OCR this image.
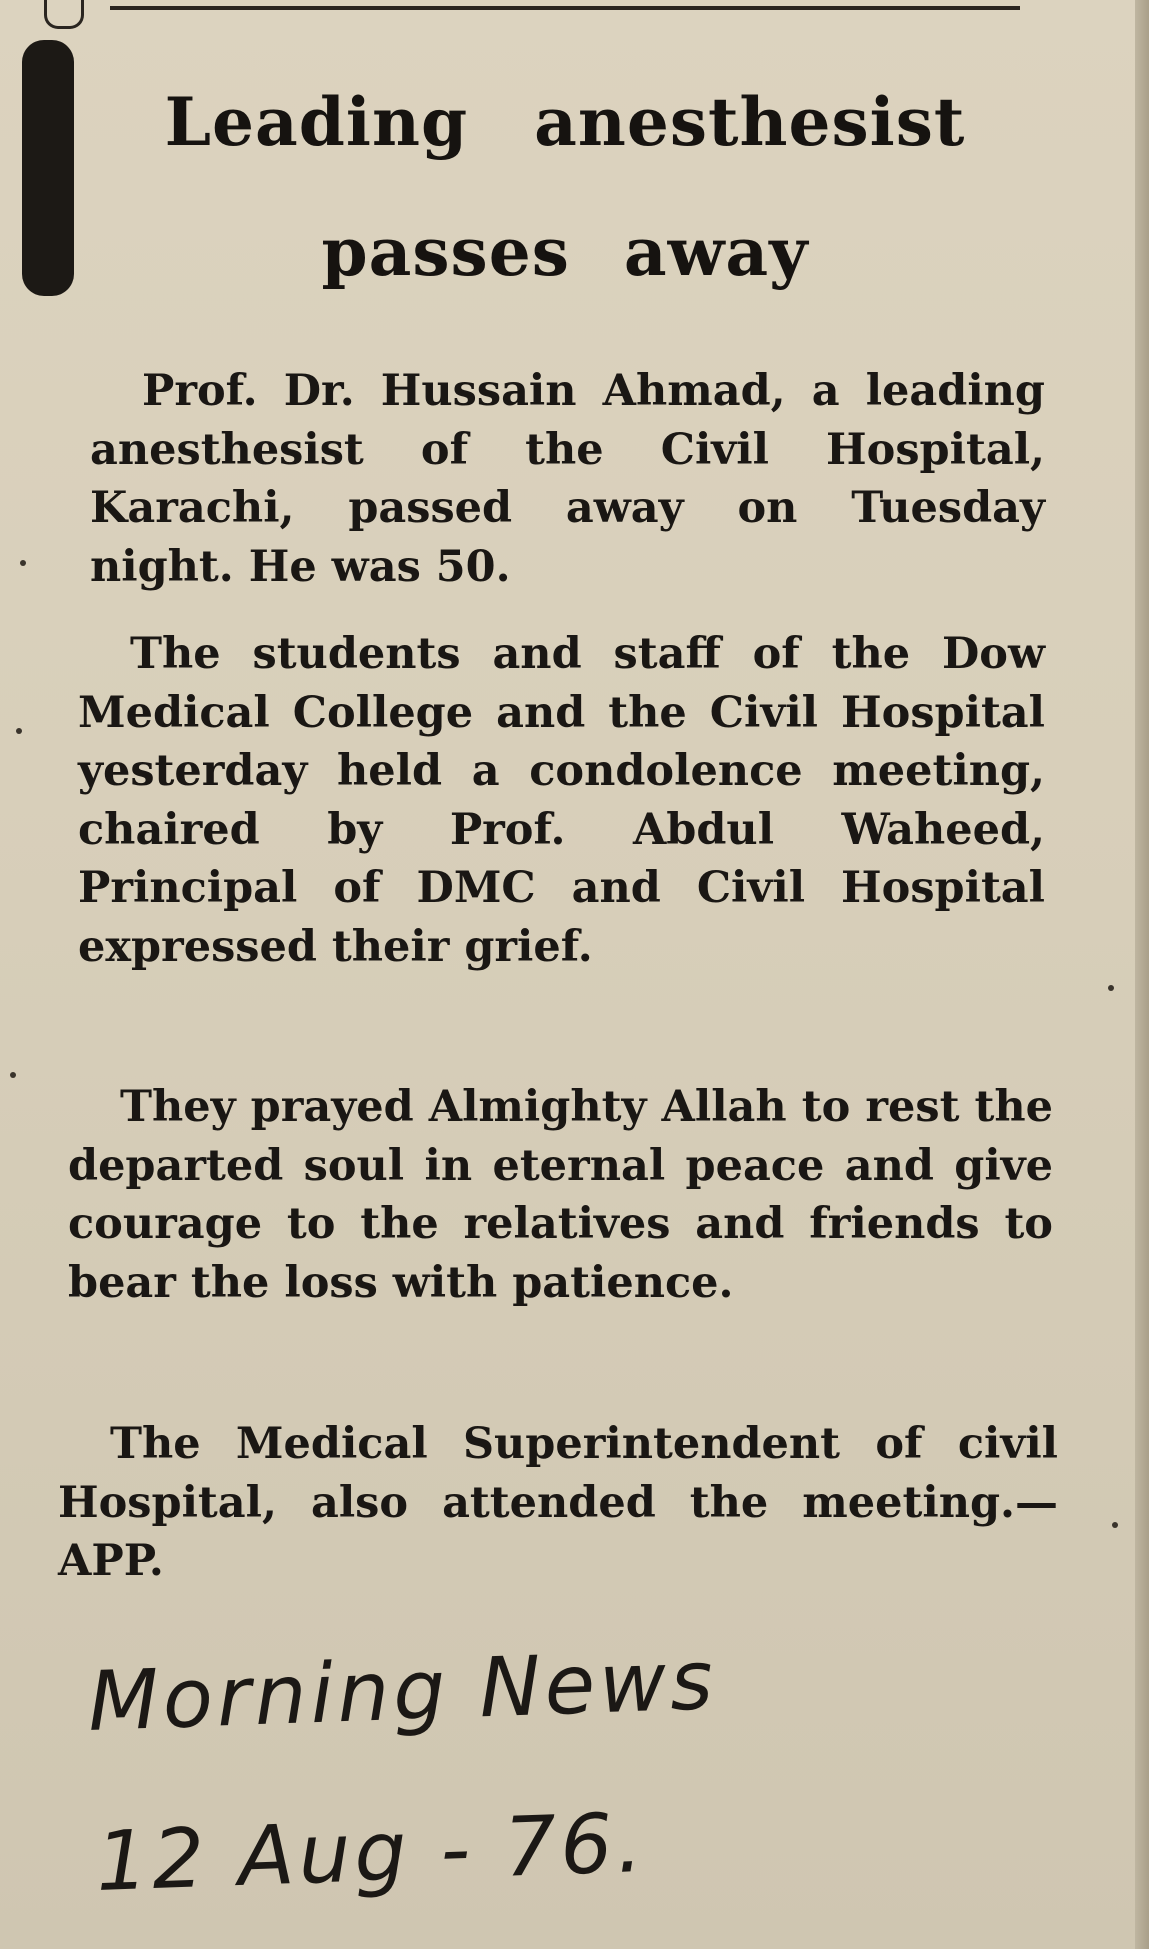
Leading anesthesist
passes away

Prof. Dr. Hussain Ahmad, a leading anesthesist of the Civil Hospital, Karachi, passed away on Tuesday night. He was 50.

The students and staff of the Dow Medical College and the Civil Hospital yesterday held a condolence meeting, chaired by Prof. Abdul Waheed, Principal of DMC and Civil Hospital expressed their grief.

They prayed Almighty Allah to rest the departed soul in eternal peace and give courage to the relatives and friends to bear the loss with patience.

The Medical Superintendent of civil Hospital, also attended the meeting.—APP.

Morning News
12 Aug - 76.
